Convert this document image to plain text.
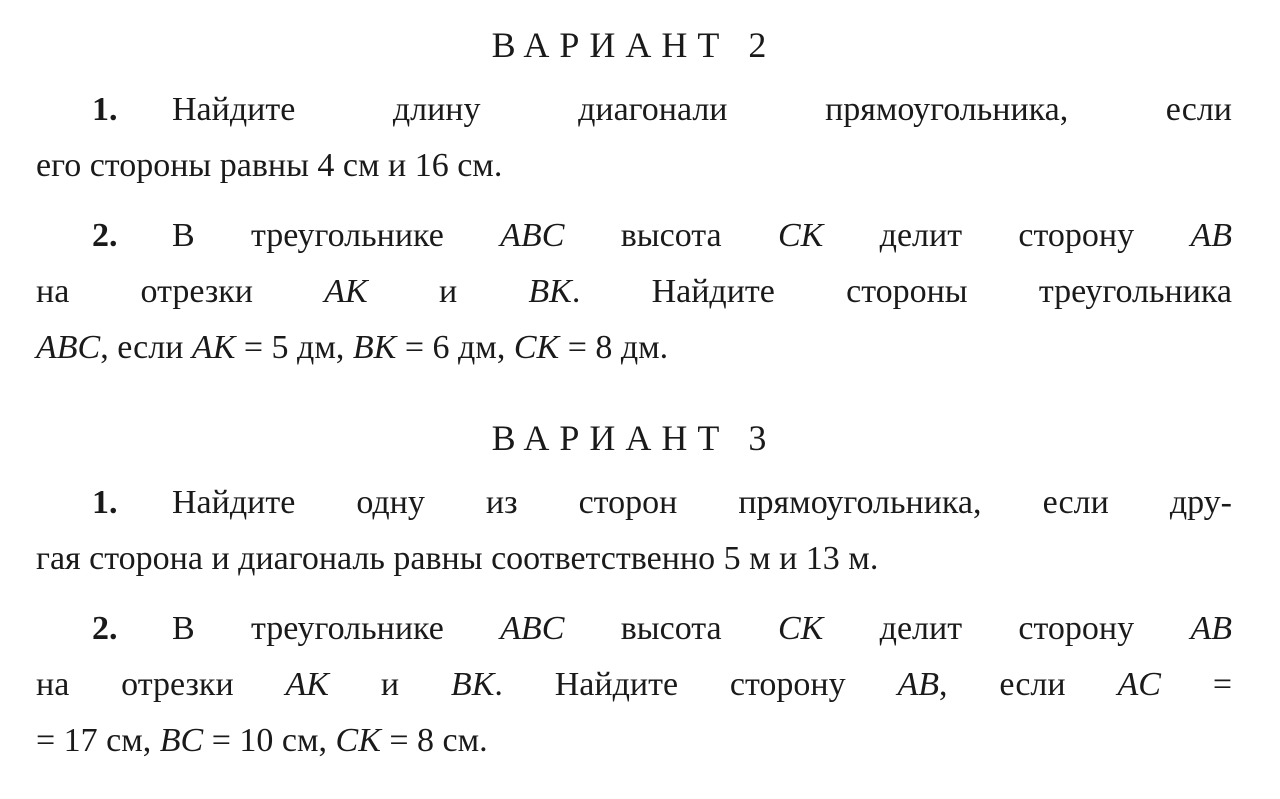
ВАРИАНТ 2
1. Найдите длину диагонали прямоугольника, если
его стороны равны 4 см и 16 см.
2. В треугольнике ABC высота CK делит сторону AB
на отрезки AK и BK. Найдите стороны треугольника
ABC, если AK = 5 дм, BK = 6 дм, CK = 8 дм.
ВАРИАНТ 3
1. Найдите одну из сторон прямоугольника, если дру-
гая сторона и диагональ равны соответственно 5 м и 13 м.
2. В треугольнике ABC высота CK делит сторону AB
на отрезки AK и BK. Найдите сторону AB, если AC =
= 17 см, BC = 10 см, CK = 8 см.
